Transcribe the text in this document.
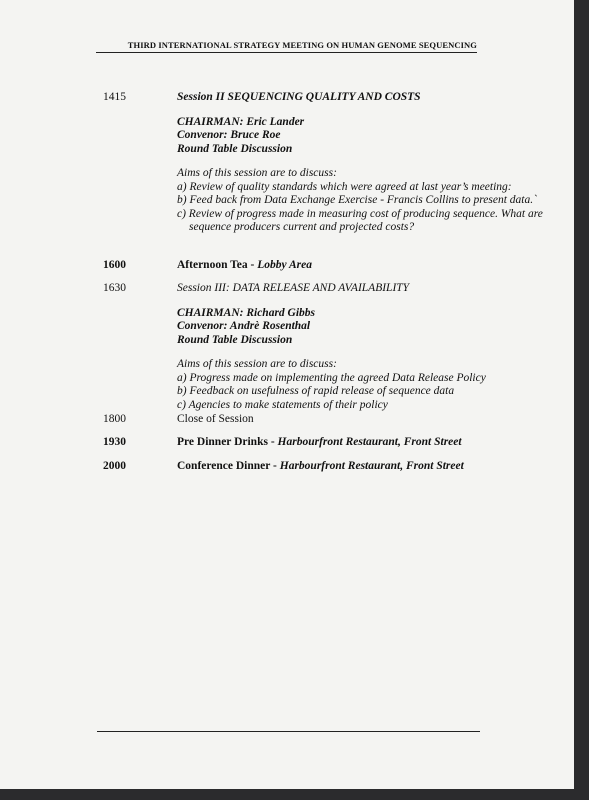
THIRD INTERNATIONAL STRATEGY MEETING ON HUMAN GENOME SEQUENCING
1415	Session II SEQUENCING QUALITY AND COSTS
CHAIRMAN: Eric Lander
Convenor: Bruce Roe
Round Table Discussion
Aims of this session are to discuss:
a) Review of quality standards which were agreed at last year’s meeting:
b) Feed back from Data Exchange Exercise - Francis Collins to present data.`
c) Review of progress made in measuring cost of producing sequence. What are
sequence producers current and projected costs?
1600	Afternoon Tea - Lobby Area
1630	Session III: DATA RELEASE AND AVAILABILITY
CHAIRMAN: Richard Gibbs
Convenor: Andrè Rosenthal
Round Table Discussion
Aims of this session are to discuss:
a) Progress made on implementing the agreed Data Release Policy
b) Feedback on usefulness of rapid release of sequence data
c) Agencies to make statements of their policy
1800	Close of Session
1930	Pre Dinner Drinks - Harbourfront Restaurant, Front Street
2000	Conference Dinner - Harbourfront Restaurant, Front Street
